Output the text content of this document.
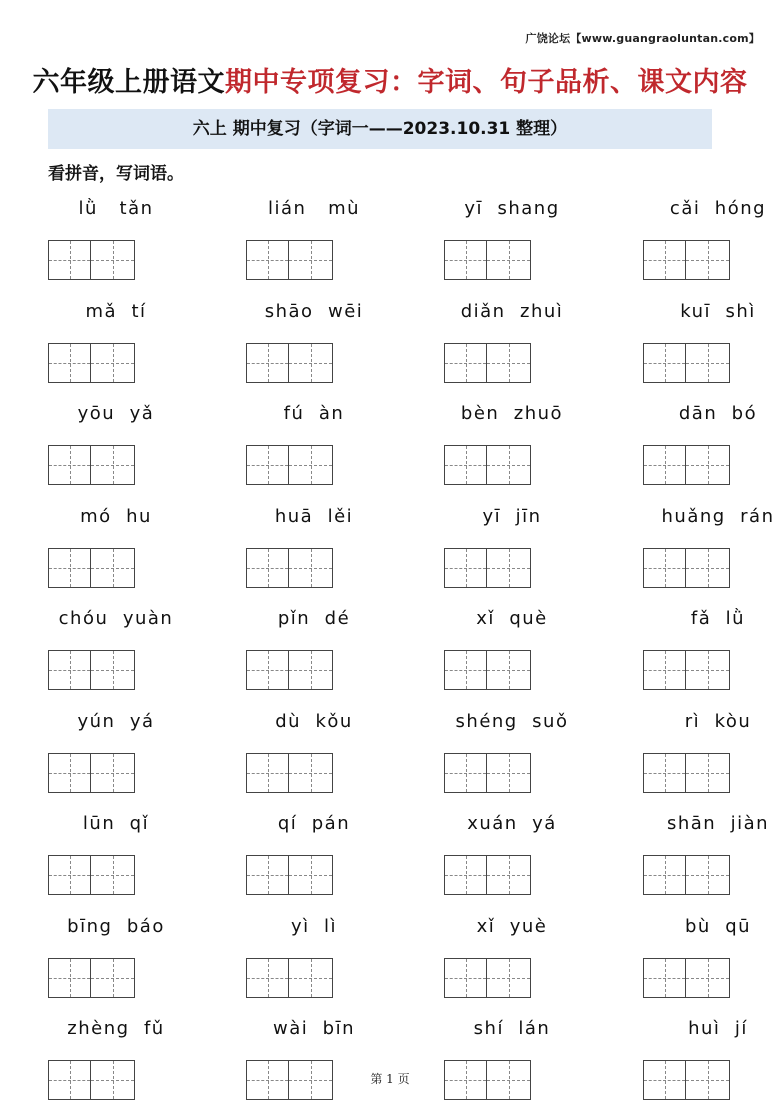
广饶论坛【www.guangraoluntan.com】
六年级上册语文期中专项复习：字词、句子品析、课文内容
六上 期中复习（字词一——2023.10.31 整理）
看拼音，写词语。
lǜ   tǎn	lián   mù	yī  shang	cǎi  hóng
mǎ  tí	shāo  wēi	diǎn  zhuì	kuī  shì
yōu  yǎ	fú  àn	bèn  zhuō	dān  bó
mó  hu	huā  lěi	yī  jīn	huǎng  rán
chóu  yuàn	pǐn  dé	xǐ  què	fǎ  lǜ
yún  yá	dù  kǒu	shéng  suǒ	rì  kòu
lūn  qǐ	qí  pán	xuán  yá	shān  jiàn
bīng  báo	yì  lì	xǐ  yuè	bù  qū
zhèng  fǔ	wài  bīn	shí  lán	huì  jí
第 1 页
